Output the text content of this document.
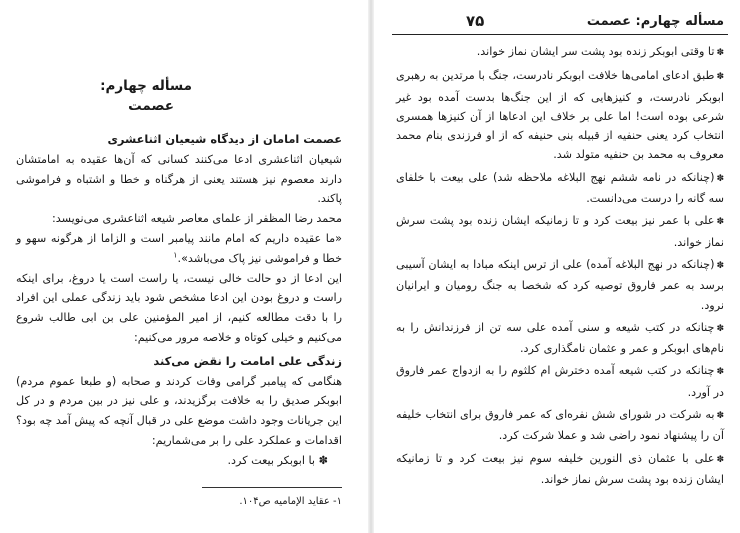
مسأله چهارم:
عصمت

عصمت امامان از دیدگاه شیعیان اثناعشری

شیعیان اثناعشری ادعا می‌کنند کسانی که آن‌ها عقیده به امامتشان دارند معصوم نیز هستند یعنی از هرگناه و خطا و اشتباه و فراموشی پاکند.

محمد رضا المظفر از علمای معاصر شیعه اثناعشری می‌نویسد:

«ما عقیده داریم که امام مانند پیامبر است و الزاما از هرگونه سهو و خطا و فراموشی نیز پاک می‌باشد».$^۱$

این ادعا از دو حالت خالی نیست، یا راست است یا دروغ، برای اینکه راست و دروغ بودن این ادعا مشخص شود باید زندگی عملی این افراد را با دقت مطالعه کنیم، از امیر المؤمنین علی بن ابی طالب شروع می‌کنیم و خیلی کوتاه و خلاصه مرور می‌کنیم:

زندگی علی امامت را نقض می‌کند

هنگامی که پیامبر گرامی وفات کردند و صحابه (و طبعا عموم مردم) ابوبکر صدیق را به خلافت برگزیدند، و علی نیز در بین مردم و در کل این جریانات وجود داشت موضع علی در قبال آنچه که پیش آمد چه بود؟ اقدامات و عملکرد علی را بر می‌شماریم:

✽ با ابوبکر بیعت کرد.

۱- عقاید الإمامیه ص۱۰۴.
مسأله چهارم: عصمت
۷۵

✽تا وقتی ابوبکر زنده بود پشت سر ایشان نماز خواند.

✽طبق ادعای امامی‌ها خلافت ابوبکر نادرست، جنگ با مرتدین به رهبری ابوبکر نادرست، و کنیزهایی که از این جنگ‌ها بدست آمده بود غیر شرعی بوده است! اما علی بر خلاف این ادعاها از آن کنیزها همسری انتخاب کرد یعنی حنفیه از قبیله بنی حنیفه که از او فرزندی بنام محمد معروف به محمد بن حنفیه متولد شد.

✽(چنانکه در نامه ششم نهج البلاغه ملاحظه شد) علی بیعت با خلفای سه گانه را درست می‌دانست.

✽علی با عمر نیز بیعت کرد و تا زمانیکه ایشان زنده بود پشت سرش نماز خواند.

✽(چنانکه در نهج البلاغه آمده) علی از ترس اینکه مبادا به ایشان آسیبی برسد به عمر فاروق توصیه کرد که شخصا به جنگ رومیان و ایرانیان نرود.

✽چنانکه در کتب شیعه و سنی آمده علی سه تن از فرزندانش را به نام‌های ابوبکر و عمر و عثمان نامگذاری کرد.

✽چنانکه در کتب شیعه آمده دخترش ام کلثوم را به ازدواج عمر فاروق در آورد.

✽به شرکت در شورای شش نفره‌ای که عمر فاروق برای انتخاب خلیفه آن را پیشنهاد نمود راضی شد و عملا شرکت کرد.

✽علی با عثمان ذی النورین خلیفه سوم نیز بیعت کرد و تا زمانیکه ایشان زنده بود پشت سرش نماز خواند.
